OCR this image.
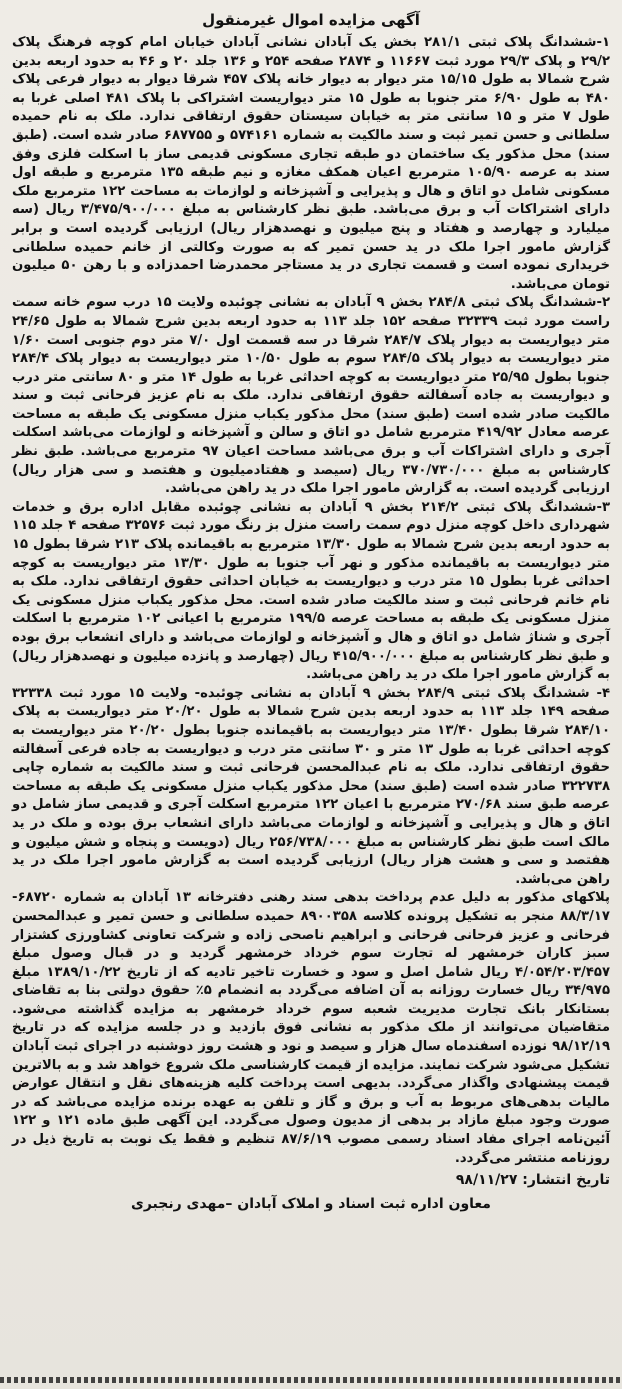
آگهی مزایده اموال غیرمنقول

۱-ششدانگ پلاک ثبتی ۲۸۱/۱ بخش یک آبادان نشانی آبادان خیابان امام کوچه فرهنگ پلاک ۲۹/۲ و پلاک ۲۹/۳ مورد ثبت ۱۱۶۶۷ و ۲۸۷۴ صفحه ۲۵۴ و ۱۳۶ جلد ۲۰ و ۴۶ به حدود اربعه بدین شرح شمالا به طول ۱۵/۱۵ متر دیوار به دیوار خانه پلاک ۴۵۷ شرقا دیوار به دیوار فرعی پلاک ۴۸۰ به طول ۶/۹۰ متر جنوبا به طول ۱۵ متر دیواریست اشتراکی با پلاک ۴۸۱ اصلی غربا به طول ۷ متر و ۱۵ سانتی متر به خیابان سیستان حقوق ارتفاقی ندارد. ملک به نام حمیده سلطانی و حسن تمیر ثبت و سند مالکیت به شماره ۵۷۴۱۶۱ و ۶۸۷۷۵۵ صادر شده است. (طبق سند) محل مذکور یک ساختمان دو طبقه تجاری مسکونی قدیمی ساز با اسکلت فلزی وفق سند به عرصه ۱۰۵/۹۰ مترمربع اعیان همکف مغازه و نیم طبقه ۱۳۵ مترمربع و طبقه اول مسکونی شامل دو اتاق و هال و پذیرایی و آشپزخانه و لوازمات به مساحت ۱۲۲ مترمربع ملک دارای اشتراکات آب و برق می‌باشد. طبق نظر کارشناس به مبلغ ۳/۴۷۵/۹۰۰/۰۰۰ ریال (سه میلیارد و چهارصد و هفتاد و پنج میلیون و نهصدهزار ریال) ارزیابی گردیده است و برابر گزارش مامور اجرا ملک در ید حسن تمیر که به صورت وکالتی از خانم حمیده سلطانی خریداری نموده است و قسمت تجاری در ید مستاجر محمدرضا احمدزاده و با رهن ۵۰ میلیون تومان می‌باشد.

۲-ششدانگ پلاک ثبتی ۲۸۴/۸ بخش ۹ آبادان به نشانی چوئبده ولایت ۱۵ درب سوم خانه سمت راست مورد ثبت ۳۲۳۳۹ صفحه ۱۵۲ جلد ۱۱۳ به حدود اربعه بدین شرح شمالا به طول ۲۴/۶۵ متر دیواریست به دیوار پلاک ۲۸۴/۷ شرقا در سه قسمت اول ۷/۰ متر دوم جنوبی است ۱/۶۰ متر دیواریست به دیوار پلاک ۲۸۴/۵ سوم به طول ۱۰/۵۰ متر دیواریست به دیوار پلاک ۲۸۴/۴ جنوبا بطول ۲۵/۹۵ متر دیواریست به کوچه احداثی غربا به طول ۱۴ متر و ۸۰ سانتی متر درب و دیواریست به جاده آسفالته حقوق ارتفاقی ندارد. ملک به نام عزیز فرحانی ثبت و سند مالکیت صادر شده است (طبق سند) محل مذکور یکباب منزل مسکونی یک طبقه به مساحت عرصه معادل ۴۱۹/۹۲ مترمربع شامل دو اتاق و سالن و آشپزخانه و لوازمات می‌باشد اسکلت آجری و دارای اشتراکات آب و برق می‌باشد مساحت اعیان ۹۷ مترمربع می‌باشد. طبق نظر کارشناس به مبلغ ۳۷۰/۷۳۰/۰۰۰ ریال (سیصد و هفتادمیلیون و هفتصد و سی هزار ریال) ارزیابی گردیده است. به گزارش مامور اجرا ملک در ید راهن می‌باشد.

۳-ششدانگ پلاک ثبتی ۲۱۴/۲ بخش ۹ آبادان به نشانی چوئبده مقابل اداره برق و خدمات شهرداری داخل کوچه منزل دوم سمت راست منزل بز رنگ مورد ثبت ۳۲۵۷۶ صفحه ۴ جلد ۱۱۵ به حدود اربعه بدین شرح شمالا به طول ۱۳/۳۰ مترمربع به باقیمانده پلاک ۲۱۳ شرقا بطول ۱۵ متر دیواریست به باقیمانده مذکور و نهر آب جنوبا به طول ۱۳/۳۰ متر دیواریست به کوچه احداثی غربا بطول ۱۵ متر درب و دیواریست به خیابان احداثی حقوق ارتفاقی ندارد. ملک به نام خانم فرحانی ثبت و سند مالکیت صادر شده است. محل مذکور یکباب منزل مسکونی یک منزل مسکونی یک طبقه به مساحت عرصه ۱۹۹/۵ مترمربع با اعیانی ۱۰۲ مترمربع با اسکلت آجری و شناژ شامل دو اتاق و هال و آشپزخانه و لوازمات می‌باشد و دارای انشعاب برق بوده و طبق نظر کارشناس به مبلغ ۴۱۵/۹۰۰/۰۰۰ ریال (چهارصد و پانزده میلیون و نهصدهزار ریال) به گزارش مامور اجرا ملک در ید راهن می‌باشد.

۴- ششدانگ پلاک ثبتی ۲۸۴/۹ بخش ۹ آبادان به نشانی چوئبده- ولایت ۱۵ مورد ثبت ۳۲۳۳۸ صفحه ۱۴۹ جلد ۱۱۳ به حدود اربعه بدین شرح شمالا به طول ۲۰/۲۰ متر دیواریست به پلاک ۲۸۴/۱۰ شرقا بطول ۱۳/۴۰ متر دیواریست به باقیمانده جنوبا بطول ۲۰/۲۰ متر دیواریست به کوچه احداثی غربا به طول ۱۳ متر و ۳۰ سانتی متر درب و دیواریست به جاده فرعی آسفالته حقوق ارتفاقی ندارد. ملک به نام عبدالمحسن فرحانی ثبت و سند مالکیت به شماره چاپی ۳۲۲۷۳۸ صادر شده است (طبق سند) محل مذکور یکباب منزل مسکونی یک طبقه به مساحت عرصه طبق سند ۲۷۰/۶۸ مترمربع با اعیان ۱۲۲ مترمربع اسکلت آجری و قدیمی ساز شامل دو اتاق و هال و پذیرایی و آشپزخانه و لوازمات می‌باشد دارای انشعاب برق بوده و ملک در ید مالک است طبق نظر کارشناس به مبلغ ۲۵۶/۷۳۸/۰۰۰ ریال (دویست و پنجاه و شش میلیون و هفتصد و سی و هشت هزار ریال) ارزیابی گردیده است به گزارش مامور اجرا ملک در ید راهن می‌باشد.

پلاکهای مذکور به دلیل عدم پرداخت بدهی سند رهنی دفترخانه ۱۳ آبادان به شماره ۶۸۷۲۰- ۸۸/۳/۱۷ منجر به تشکیل پرونده کلاسه ۸۹۰۰۳۵۸ حمیده سلطانی و حسن تمیر و عبدالمحسن فرحانی و عزیز فرحانی فرحانی و ابراهیم ناصحی زاده و شرکت تعاونی کشاورزی کشتزار سبز کاران خرمشهر له تجارت سوم خرداد خرمشهر گردید و در قبال وصول مبلغ ۴/۰۵۴/۲۰۳/۴۵۷ ریال شامل اصل و سود و خسارت تاخیر تادیه که از تاریخ ۱۳۸۹/۱۰/۲۲ مبلغ ۳۴/۹۷۵ ریال خسارت روزانه به آن اضافه می‌گردد به انضمام ۵٪ حقوق دولتی بنا به تقاضای بستانکار بانک تجارت مدیریت شعبه سوم خرداد خرمشهر به مزایده گذاشته می‌شود. متقاضیان می‌توانند از ملک مذکور به نشانی فوق بازدید و در جلسه مزایده که در تاریخ ۹۸/۱۲/۱۹ نوزده اسفندماه سال هزار و سیصد و نود و هشت روز دوشنبه در اجرای ثبت آبادان تشکیل می‌شود شرکت نمایند. مزایده از قیمت کارشناسی ملک شروع خواهد شد و به بالاترین قیمت پیشنهادی واگذار می‌گردد. بدیهی است پرداخت کلیه هزینه‌های نقل و انتقال عوارض مالیات بدهی‌های مربوط به آب و برق و گاز و تلفن به عهده برنده مزایده می‌باشد که در صورت وجود مبلغ مازاد بر بدهی از مدیون وصول می‌گردد. این آگهی طبق ماده ۱۲۱ و ۱۲۲ آئین‌نامه اجرای مفاد اسناد رسمی مصوب ۸۷/۶/۱۹ تنظیم و فقط یک نوبت به تاریخ ذیل در روزنامه منتشر می‌گردد.

تاریخ انتشار: ۹۸/۱۱/۲۷
معاون اداره ثبت اسناد و املاک آبادان –مهدی رنجبری
